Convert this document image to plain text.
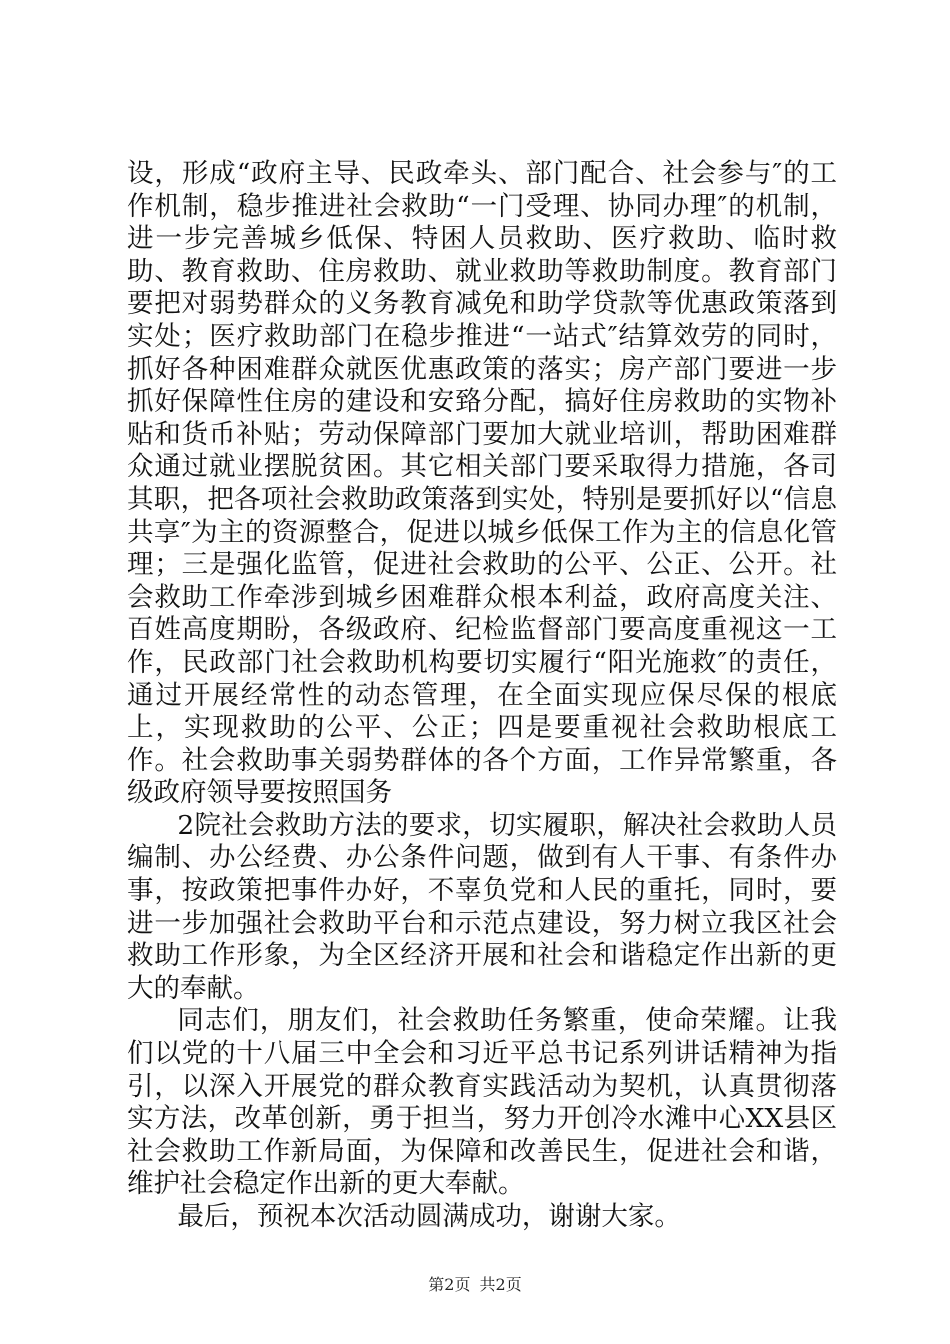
设，形成“政府主导、民政牵头、部门配合、社会参与″的工作机制，稳步推进社会救助“一门受理、协同办理″的机制，进一步完善城乡低保、特困人员救助、医疗救助、临时救助、教育救助、住房救助、就业救助等救助制度。教育部门要把对弱势群众的义务教育减免和助学贷款等优惠政策落到实处；医疗救助部门在稳步推进“一站式″结算效劳的同时，抓好各种困难群众就医优惠政策的落实；房产部门要进一步抓好保障性住房的建设和安臵分配，搞好住房救助的实物补贴和货币补贴；劳动保障部门要加大就业培训，帮助困难群众通过就业摆脱贫困。其它相关部门要采取得力措施，各司其职，把各项社会救助政策落到实处，特别是要抓好以“信息共享″为主的资源整合，促进以城乡低保工作为主的信息化管理；三是强化监管，促进社会救助的公平、公正、公开。社会救助工作牵涉到城乡困难群众根本利益，政府高度关注、百姓高度期盼，各级政府、纪检监督部门要高度重视这一工作，民政部门社会救助机构要切实履行“阳光施救″的责任，通过开展经常性的动态管理，在全面实现应保尽保的根底上，实现救助的公平、公正；四是要重视社会救助根底工作。社会救助事关弱势群体的各个方面，工作异常繁重，各级政府领导要按照国务

2院社会救助方法的要求，切实履职，解决社会救助人员编制、办公经费、办公条件问题，做到有人干事、有条件办事，按政策把事件办好，不辜负党和人民的重托，同时，要进一步加强社会救助平台和示范点建设，努力树立我区社会救助工作形象，为全区经济开展和社会和谐稳定作出新的更大的奉献。

同志们，朋友们，社会救助任务繁重，使命荣耀。让我们以党的十八届三中全会和习近平总书记系列讲话精神为指引，以深入开展党的群众教育实践活动为契机，认真贯彻落实方法，改革创新，勇于担当，努力开创冷水滩中心XX县区社会救助工作新局面，为保障和改善民生，促进社会和谐，维护社会稳定作出新的更大奉献。

最后，预祝本次活动圆满成功，谢谢大家。

第2页 共2页
